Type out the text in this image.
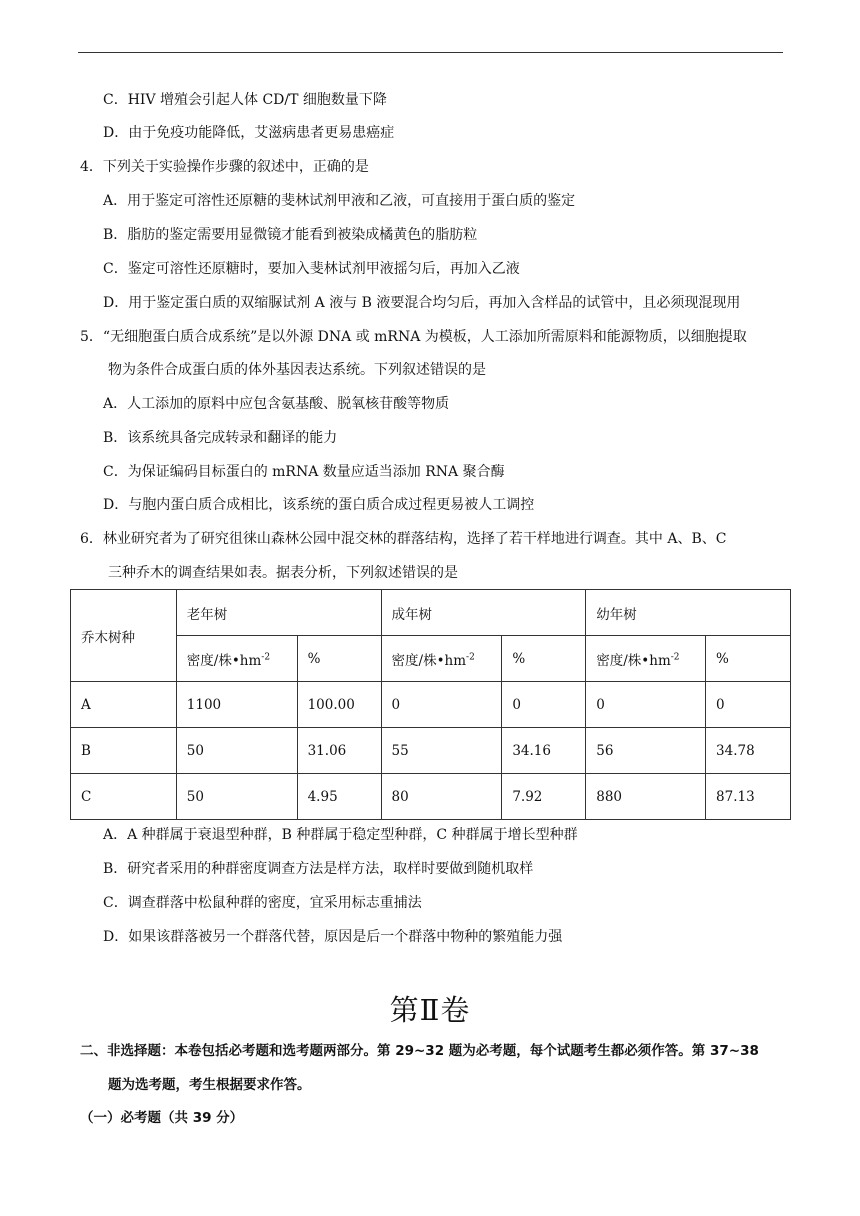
C．HIV 增殖会引起人体 CD/T 细胞数量下降
D．由于免疫功能降低，艾滋病患者更易患癌症
4．下列关于实验操作步骤的叙述中，正确的是
A．用于鉴定可溶性还原糖的斐林试剂甲液和乙液，可直接用于蛋白质的鉴定
B．脂肪的鉴定需要用显微镜才能看到被染成橘黄色的脂肪粒
C．鉴定可溶性还原糖时，要加入斐林试剂甲液摇匀后，再加入乙液
D．用于鉴定蛋白质的双缩脲试剂 A 液与 B 液要混合均匀后，再加入含样品的试管中，且必须现混现用
5．“无细胞蛋白质合成系统”是以外源 DNA 或 mRNA 为模板，人工添加所需原料和能源物质，以细胞提取
物为条件合成蛋白质的体外基因表达系统。下列叙述错误的是
A．人工添加的原料中应包含氨基酸、脱氧核苷酸等物质
B．该系统具备完成转录和翻译的能力
C．为保证编码目标蛋白的 mRNA 数量应适当添加 RNA 聚合酶
D．与胞内蛋白质合成相比，该系统的蛋白质合成过程更易被人工调控
6．林业研究者为了研究徂徕山森林公园中混交林的群落结构，选择了若干样地进行调查。其中 A、B、C
三种乔木的调查结果如表。据表分析，下列叙述错误的是
乔木树种	老年树		成年树		幼年树	
	密度/株$•hm^{-2}$	%	密度/株$•hm^{-2}$	%	密度/株$•hm^{-2}$	%
A	1100	100.00	0	0	0	0
B	50	31.06	55	34.16	56	34.78
C	50	4.95	80	7.92	880	87.13
A．A 种群属于衰退型种群，B 种群属于稳定型种群，C 种群属于增长型种群
B．研究者采用的种群密度调查方法是样方法，取样时要做到随机取样
C．调查群落中松鼠种群的密度，宜采用标志重捕法
D．如果该群落被另一个群落代替，原因是后一个群落中物种的繁殖能力强
第Ⅱ卷
二、非选择题：本卷包括必考题和选考题两部分。第 29~32 题为必考题，每个试题考生都必须作答。第 37~38
题为选考题，考生根据要求作答。
（一）必考题（共 39 分）
